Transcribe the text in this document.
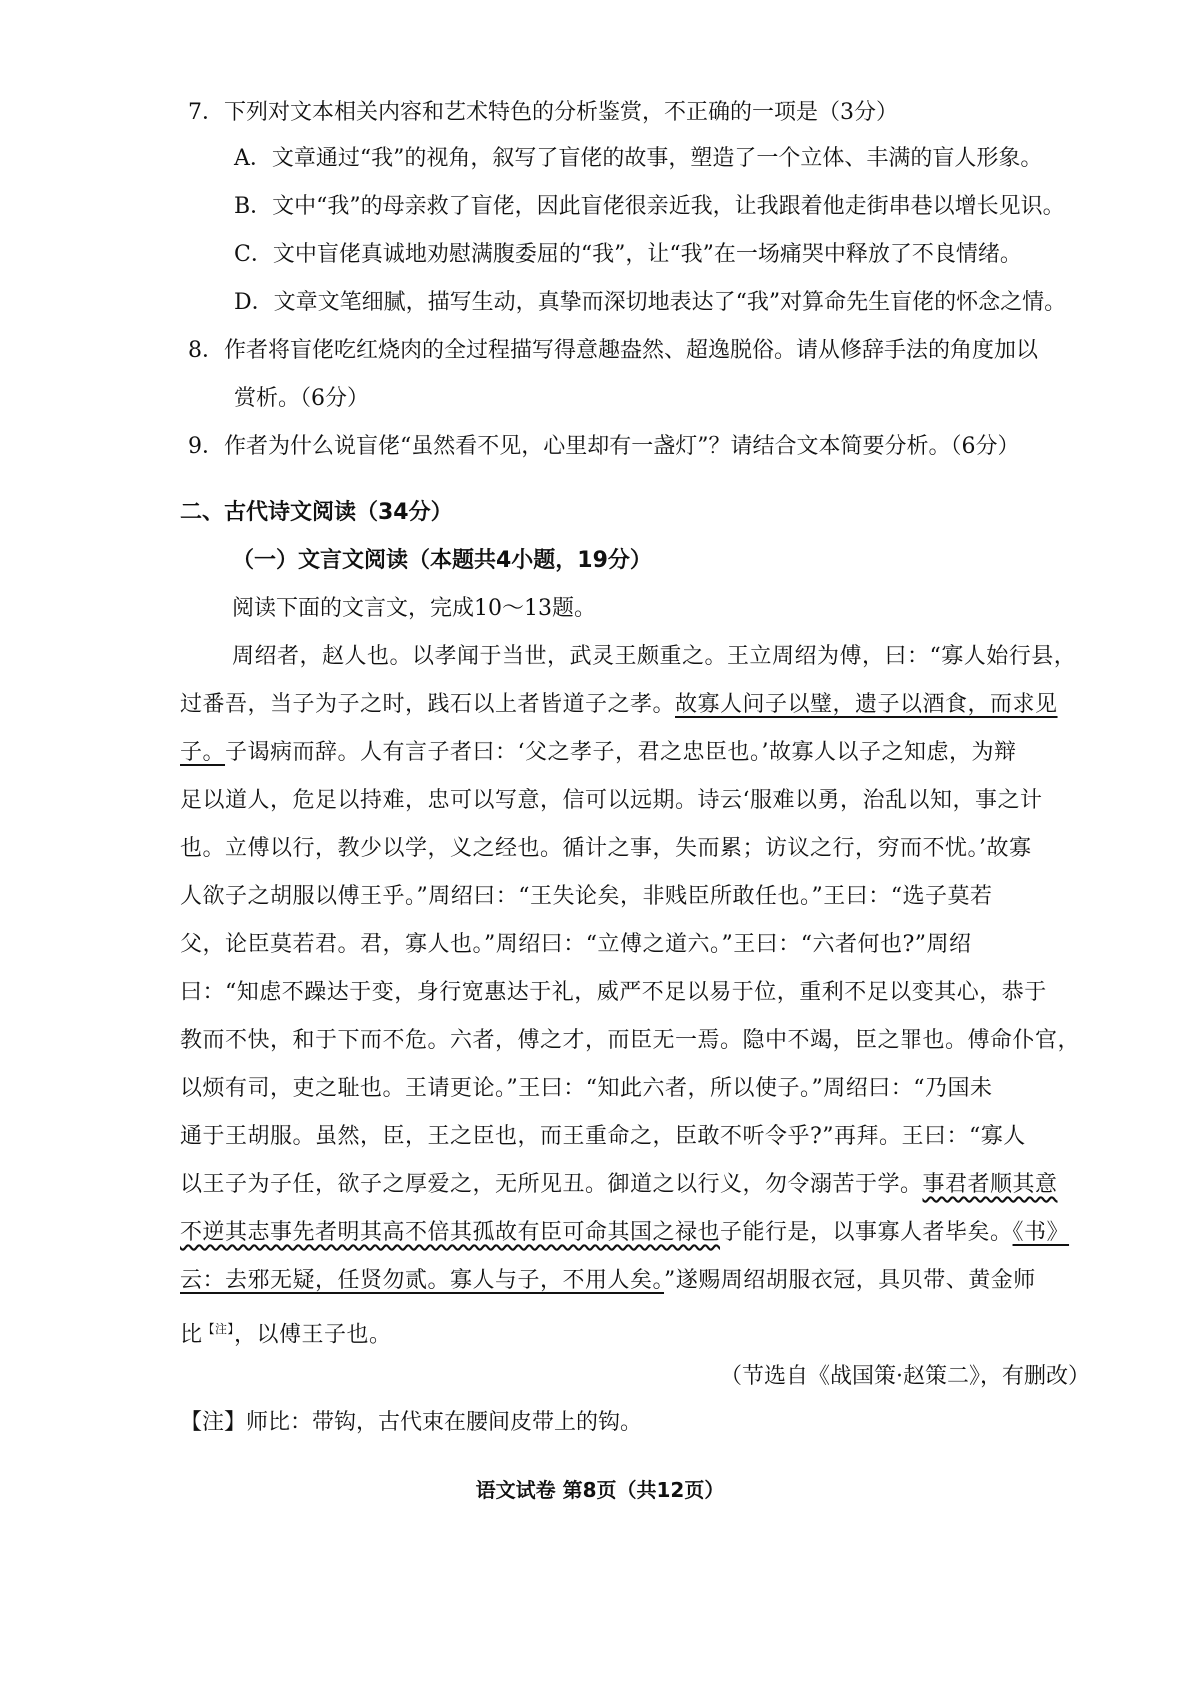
7．下列对文本相关内容和艺术特色的分析鉴赏，不正确的一项是（3分）
A．文章通过“我”的视角，叙写了盲佬的故事，塑造了一个立体、丰满的盲人形象。
B．文中“我”的母亲救了盲佬，因此盲佬很亲近我，让我跟着他走街串巷以增长见识。
C．文中盲佬真诚地劝慰满腹委屈的“我”，让“我”在一场痛哭中释放了不良情绪。
D．文章文笔细腻，描写生动，真挚而深切地表达了“我”对算命先生盲佬的怀念之情。
8．作者将盲佬吃红烧肉的全过程描写得意趣盎然、超逸脱俗。请从修辞手法的角度加以
赏析。（6分）
9．作者为什么说盲佬“虽然看不见，心里却有一盏灯”？请结合文本简要分析。（6分）
二、古代诗文阅读（34分）
（一）文言文阅读（本题共4小题，19分）
阅读下面的文言文，完成10～13题。
周绍者，赵人也。以孝闻于当世，武灵王颇重之。王立周绍为傅，曰：“寡人始行县，
过番吾，当子为子之时，践石以上者皆道子之孝。故寡人问子以璧，遗子以酒食，而求见
子。子谒病而辞。人有言子者曰：‘父之孝子，君之忠臣也。’故寡人以子之知虑，为辩
足以道人，危足以持难，忠可以写意，信可以远期。诗云‘服难以勇，治乱以知，事之计
也。立傅以行，教少以学，义之经也。循计之事，失而累；访议之行，穷而不忧。’故寡
人欲子之胡服以傅王乎。”周绍曰：“王失论矣，非贱臣所敢任也。”王曰：“选子莫若
父，论臣莫若君。君，寡人也。”周绍曰：“立傅之道六。”王曰：“六者何也?”周绍
曰：“知虑不躁达于变，身行宽惠达于礼，威严不足以易于位，重利不足以变其心，恭于
教而不快，和于下而不危。六者，傅之才，而臣无一焉。隐中不竭，臣之罪也。傅命仆官，
以烦有司，吏之耻也。王请更论。”王曰：“知此六者，所以使子。”周绍曰：“乃国未
通于王胡服。虽然，臣，王之臣也，而王重命之，臣敢不听令乎?”再拜。王曰：“寡人
以王子为子任，欲子之厚爱之，无所见丑。御道之以行义，勿令溺苦于学。事君者顺其意
不逆其志事先者明其高不倍其孤故有臣可命其国之禄也子能行是，以事寡人者毕矣。《书》
云：去邪无疑，任贤勿贰。寡人与子，不用人矣。”遂赐周绍胡服衣冠，具贝带、黄金师
比$^{【注】}$，以傅王子也。
（节选自《战国策·赵策二》，有删改）
【注】师比：带钩，古代束在腰间皮带上的钩。
语文试卷 第8页（共12页）
